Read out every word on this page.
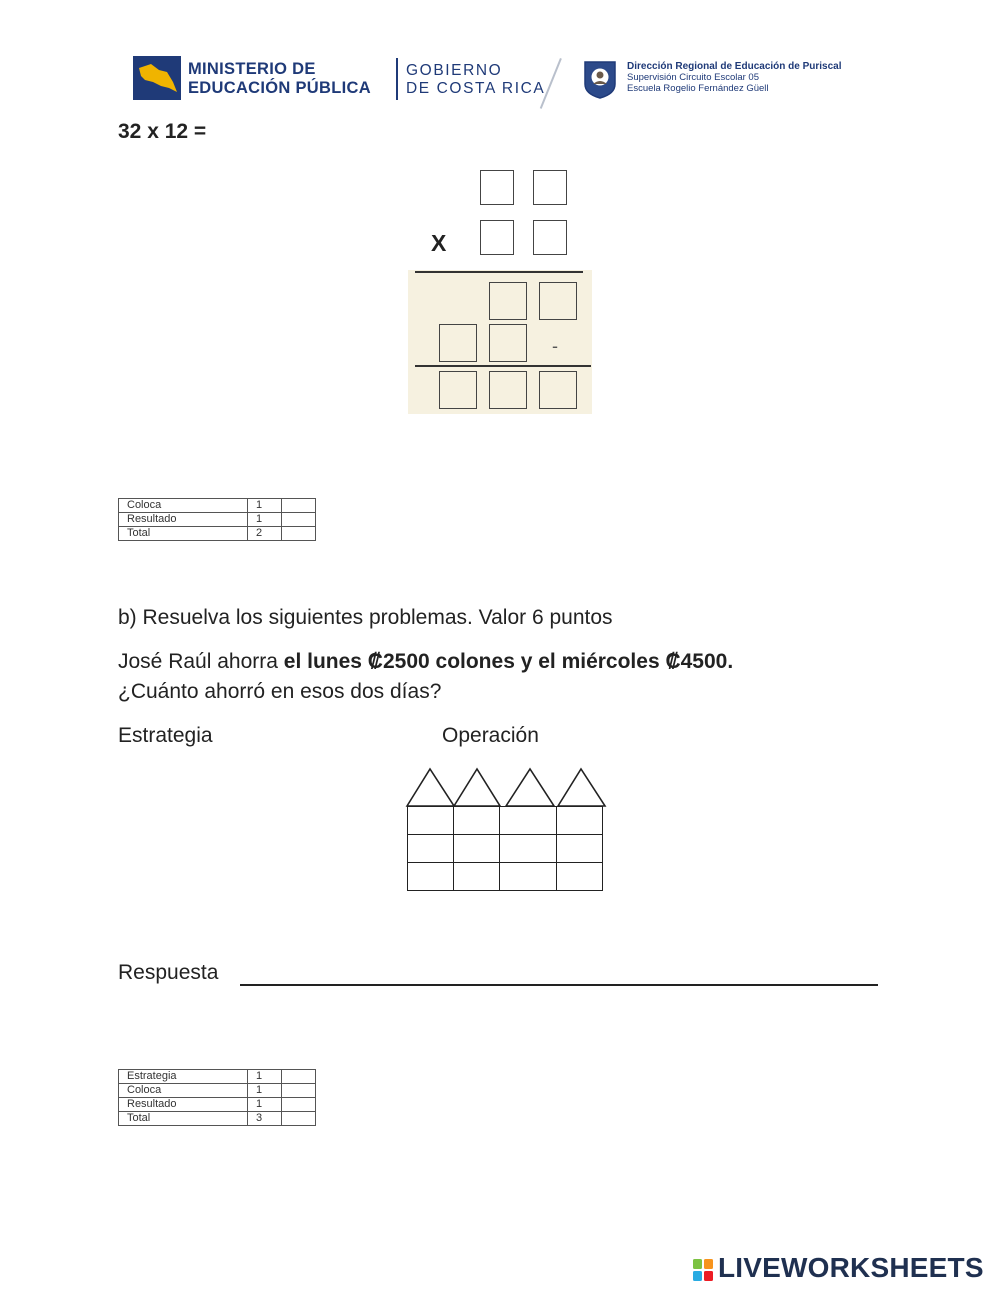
MINISTERIO DE
EDUCACIÓN PÚBLICA
GOBIERNO
DE COSTA RICA
Dirección Regional de Educación de Puriscal
Supervisión Circuito Escolar 05
Escuela Rogelio Fernández Güell
32 x 12 =
X
-
Coloca	1	
Resultado	1	
Total	2	
b) Resuelva los siguientes problemas. Valor 6 puntos
José Raúl ahorra el lunes ₡2500 colones y el miércoles ₡4500.
¿Cuánto ahorró en esos dos días?
Estrategia	Operación

Respuesta
Estrategia	1	
Coloca	1	
Resultado	1	
Total	3	
LIVEWORKSHEETS
